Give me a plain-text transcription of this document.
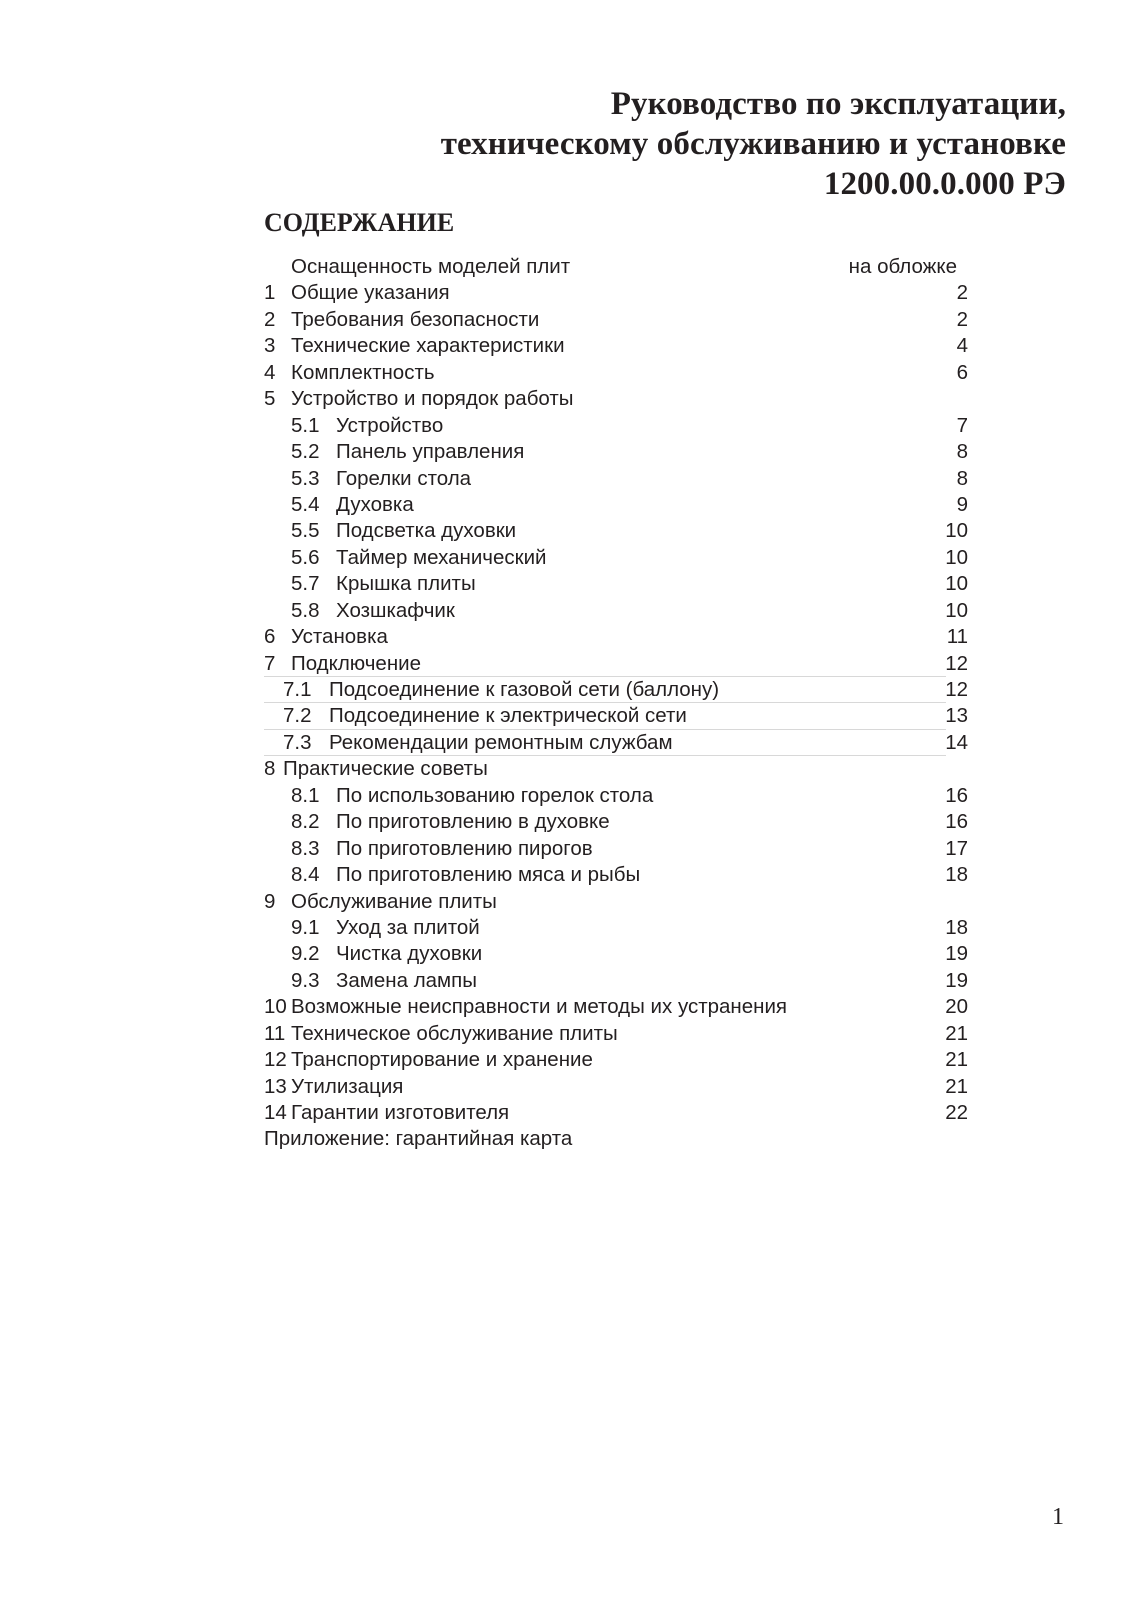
Руководство по эксплуатации,
техническому обслуживанию и установке
1200.00.0.000 РЭ
СОДЕРЖАНИЕ
Оснащенность моделей плит	на обложке
1 Общие указания	2
2 Требования безопасности	2
3 Технические характеристики	4
4 Комплектность	6
5 Устройство и порядок работы
5.1 Устройство	7
5.2 Панель управления	8
5.3 Горелки стола	8
5.4 Духовка	9
5.5 Подсветка духовки	10
5.6 Таймер механический	10
5.7 Крышка плиты	10
5.8 Хозшкафчик	10
6 Установка	11
7 Подключение	12
7.1 Подсоединение к газовой сети (баллону)	12
7.2 Подсоединение к электрической сети	13
7.3 Рекомендации ремонтным службам	14
8 Практические советы
8.1 По использованию горелок стола	16
8.2 По приготовлению в духовке	16
8.3 По приготовлению пирогов	17
8.4 По приготовлению мяса и рыбы	18
9 Обслуживание плиты
9.1 Уход за плитой	18
9.2 Чистка духовки	19
9.3 Замена лампы	19
10 Возможные неисправности и методы их устранения	20
11 Техническое обслуживание плиты	21
12 Транспортирование и хранение	21
13 Утилизация	21
14 Гарантии изготовителя	22
Приложение: гарантийная карта
1
